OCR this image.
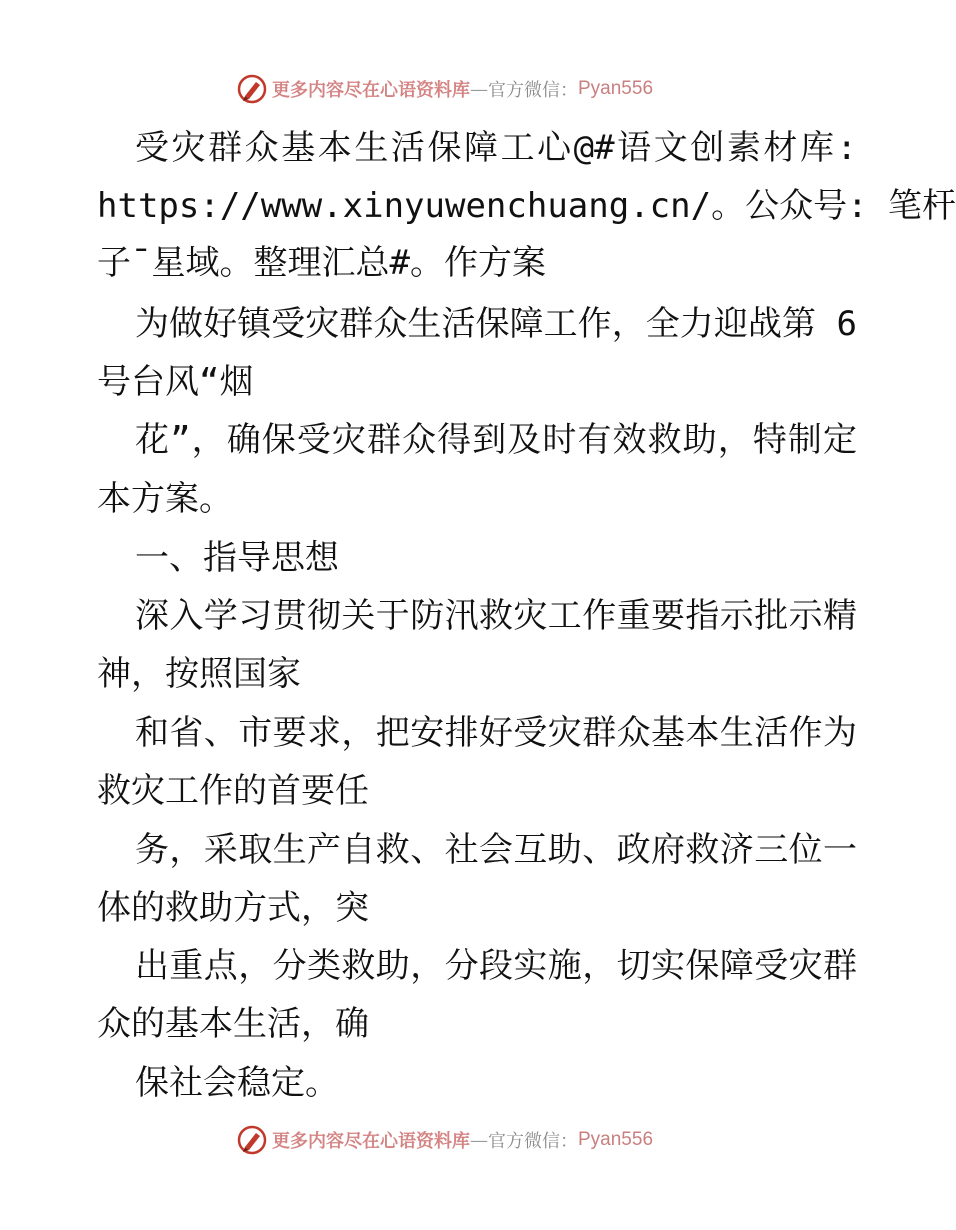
更多内容尽在心语资料库 — 官方微信： Pyan556
受灾群众基本生活保障工心@#语文创素材库:
https://www.xinyuwenchuang.cn/。公众号: 笔杆
子¯星域。整理汇总#。作方案
为做好镇受灾群众生活保障工作，全力迎战第 6
号台风“烟
花”，确保受灾群众得到及时有效救助，特制定
本方案。
一、指导思想
深入学习贯彻关于防汛救灾工作重要指示批示精
神，按照国家
和省、市要求，把安排好受灾群众基本生活作为
救灾工作的首要任
务，采取生产自救、社会互助、政府救济三位一
体的救助方式，突
出重点，分类救助，分段实施，切实保障受灾群
众的基本生活，确
保社会稳定。
更多内容尽在心语资料库 — 官方微信： Pyan556
